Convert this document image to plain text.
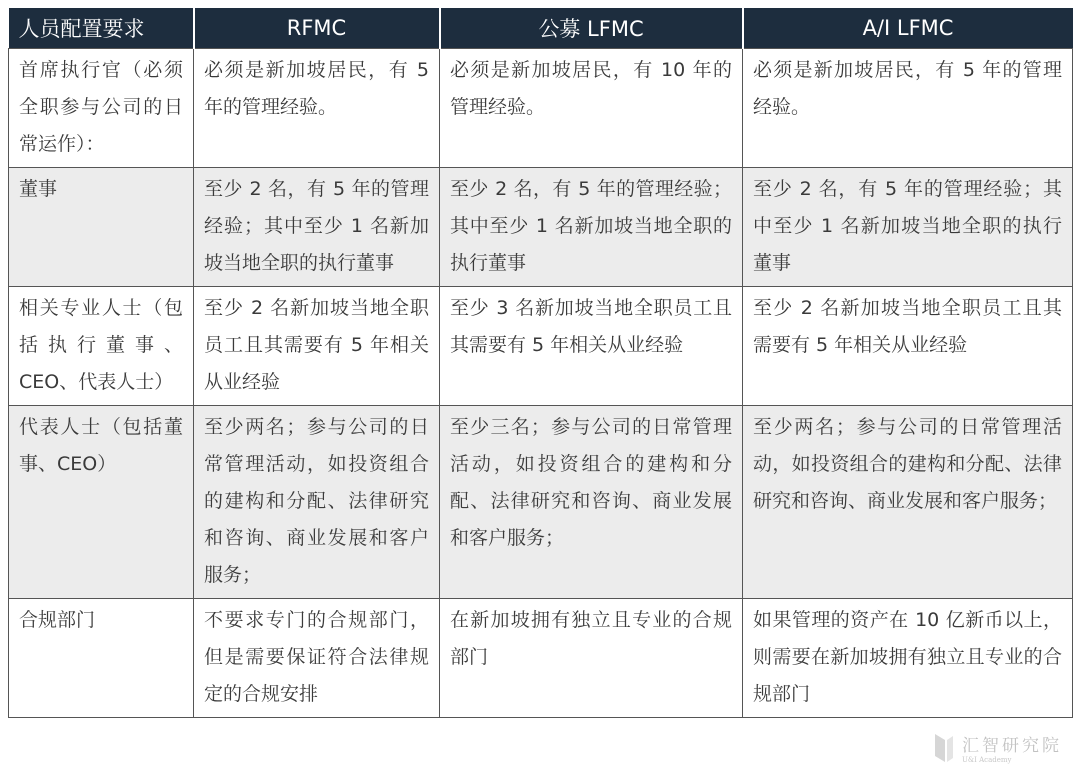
人员配置要求	RFMC	公募 LFMC	A/I LFMC
首席执行官（必须全职参与公司的日常运作）：	必须是新加坡居民，有 5 年的管理经验。	必须是新加坡居民，有 10 年的管理经验。	必须是新加坡居民，有 5 年的管理经验。
董事	至少 2 名，有 5 年的管理经验；其中至少 1 名新加坡当地全职的执行董事	至少 2 名，有 5 年的管理经验；其中至少 1 名新加坡当地全职的执行董事	至少 2 名，有 5 年的管理经验；其中至少 1 名新加坡当地全职的执行董事
相关专业人士（包括执行董事、CEO、代表人士）	至少 2 名新加坡当地全职员工且其需要有 5 年相关从业经验	至少 3 名新加坡当地全职员工且其需要有 5 年相关从业经验	至少 2 名新加坡当地全职员工且其需要有 5 年相关从业经验
代表人士（包括董事、CEO）	至少两名；参与公司的日常管理活动，如投资组合的建构和分配、法律研究和咨询、商业发展和客户服务；	至少三名；参与公司的日常管理活动，如投资组合的建构和分配、法律研究和咨询、商业发展和客户服务；	至少两名；参与公司的日常管理活动，如投资组合的建构和分配、法律研究和咨询、商业发展和客户服务；
合规部门	不要求专门的合规部门，但是需要保证符合法律规定的合规安排	在新加坡拥有独立且专业的合规部门	如果管理的资产在 10 亿新币以上，则需要在新加坡拥有独立且专业的合规部门
汇智研究院
U&I Academy
